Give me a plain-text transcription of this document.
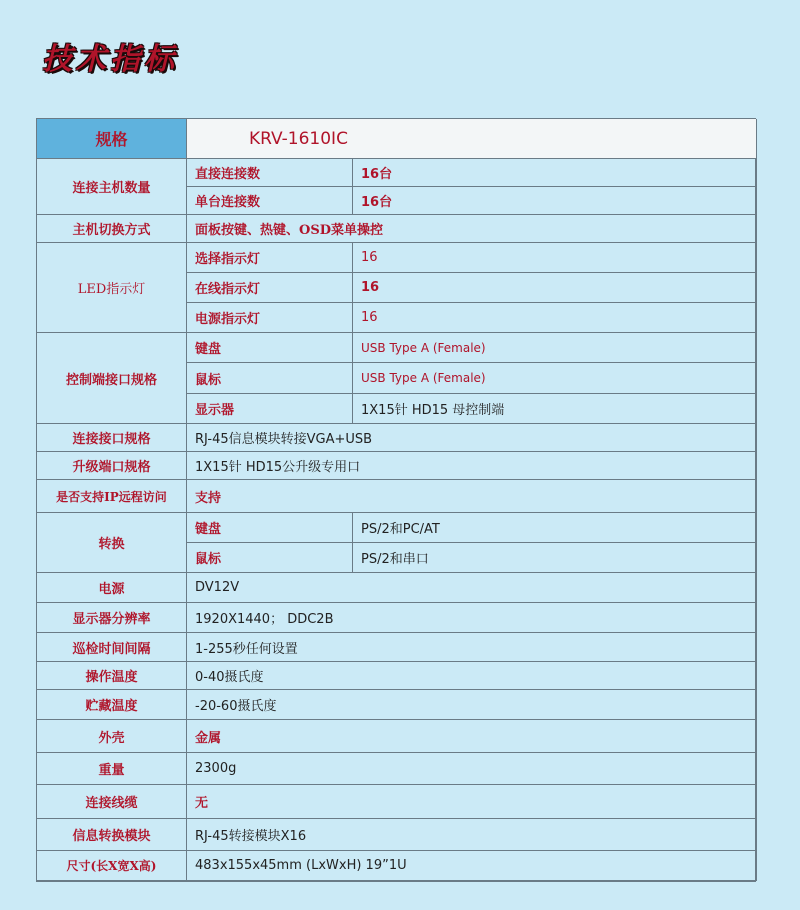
技术指标
规格	KRV-1610IC
连接主机数量
直接连接数	16台
单台连接数	16台
主机切换方式	面板按键、热键、OSD菜单操控
LED指示灯
选择指示灯	16
在线指示灯	16
电源指示灯	16
控制端接口规格
键盘	USB Type A (Female)
鼠标	USB Type A (Female)
显示器	1X15针 HD15 母控制端
连接接口规格	RJ-45信息模块转接VGA+USB
升级端口规格	1X15针 HD15公升级专用口
是否支持IP远程访问	支持
转换
键盘	PS/2和PC/AT
鼠标	PS/2和串口
电源	DV12V
显示器分辨率	1920X1440； DDC2B
巡检时间间隔	1-255秒任何设置
操作温度	0-40摄氏度
贮藏温度	-20-60摄氏度
外壳	金属
重量	2300g
连接线缆	无
信息转换模块	RJ-45转接模块X16
尺寸(长X宽X高)	483x155x45mm (LxWxH) 19”1U
